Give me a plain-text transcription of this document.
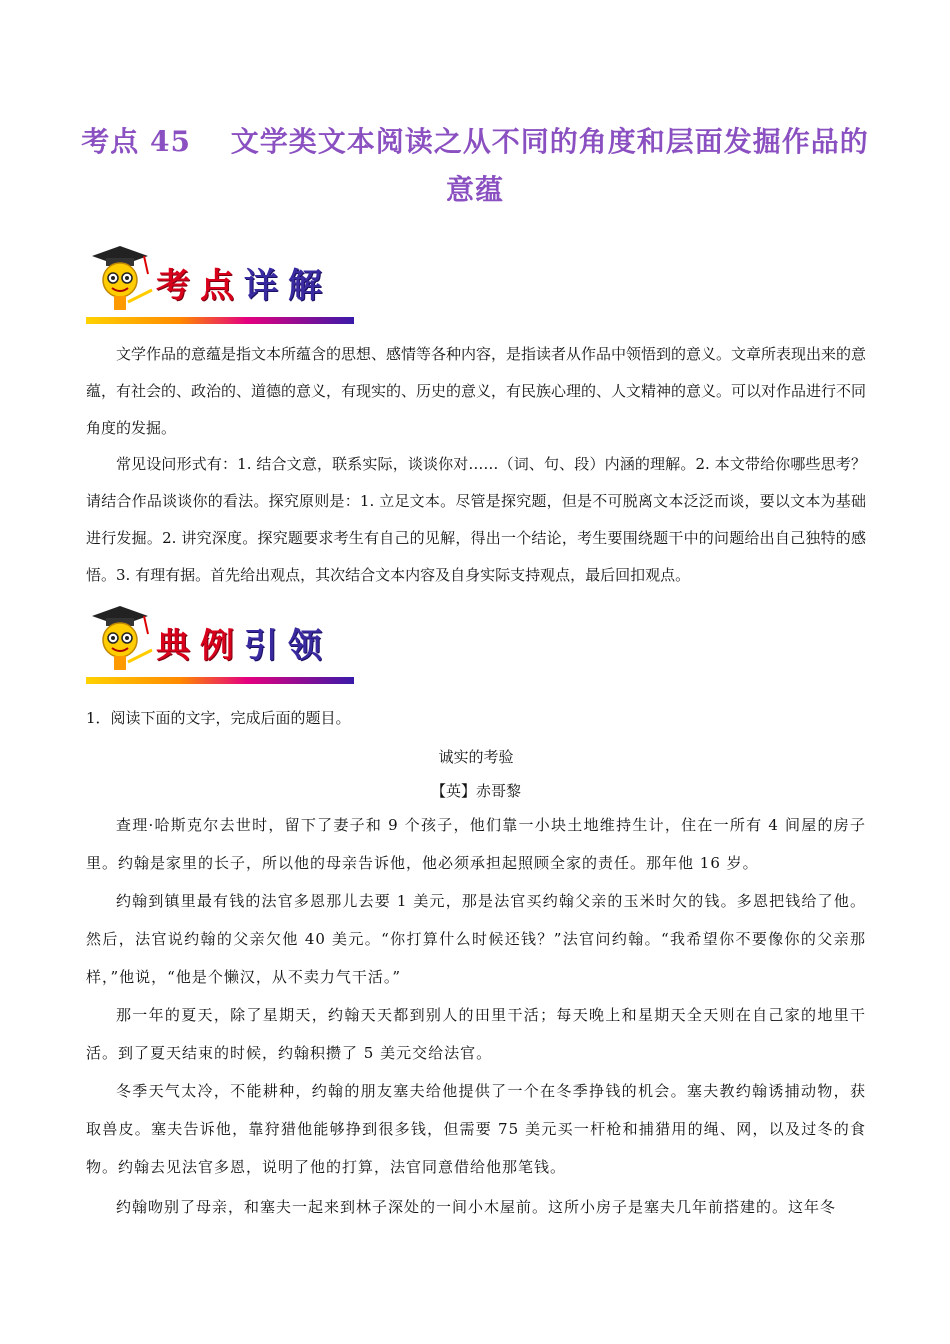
考点 45　 文学类文本阅读之从不同的角度和层面发掘作品的
意蕴
考点详解

文学作品的意蕴是指文本所蕴含的思想、感情等各种内容，是指读者从作品中领悟到的意义。文章所表现出来的意蕴，有社会的、政治的、道德的意义，有现实的、历史的意义，有民族心理的、人文精神的意义。可以对作品进行不同角度的发掘。

常见设问形式有：1. 结合文意，联系实际，谈谈你对……（词、句、段）内涵的理解。2. 本文带给你哪些思考？请结合作品谈谈你的看法。探究原则是：1. 立足文本。尽管是探究题，但是不可脱离文本泛泛而谈，要以文本为基础进行发掘。2. 讲究深度。探究题要求考生有自己的见解，得出一个结论，考生要围绕题干中的问题给出自己独特的感悟。3. 有理有据。首先给出观点，其次结合文本内容及自身实际支持观点，最后回扣观点。

典例引领

1．阅读下面的文字，完成后面的题目。

诚实的考验

【英】赤哥黎

查理·哈斯克尔去世时，留下了妻子和 9 个孩子，他们靠一小块土地维持生计，住在一所有 4 间屋的房子里。约翰是家里的长子，所以他的母亲告诉他，他必须承担起照顾全家的责任。那年他 16 岁。

约翰到镇里最有钱的法官多恩那儿去要 1 美元，那是法官买约翰父亲的玉米时欠的钱。多恩把钱给了他。然后，法官说约翰的父亲欠他 40 美元。“你打算什么时候还钱？”法官问约翰。“我希望你不要像你的父亲那样，”他说，“他是个懒汉，从不卖力气干活。”

那一年的夏天，除了星期天，约翰天天都到别人的田里干活；每天晚上和星期天全天则在自己家的地里干活。到了夏天结束的时候，约翰积攒了 5 美元交给法官。

冬季天气太冷，不能耕种，约翰的朋友塞夫给他提供了一个在冬季挣钱的机会。塞夫教约翰诱捕动物，获取兽皮。塞夫告诉他，靠狩猎他能够挣到很多钱，但需要 75 美元买一杆枪和捕猎用的绳、网，以及过冬的食物。约翰去见法官多恩，说明了他的打算，法官同意借给他那笔钱。

约翰吻别了母亲，和塞夫一起来到林子深处的一间小木屋前。这所小房子是塞夫几年前搭建的。这年冬
